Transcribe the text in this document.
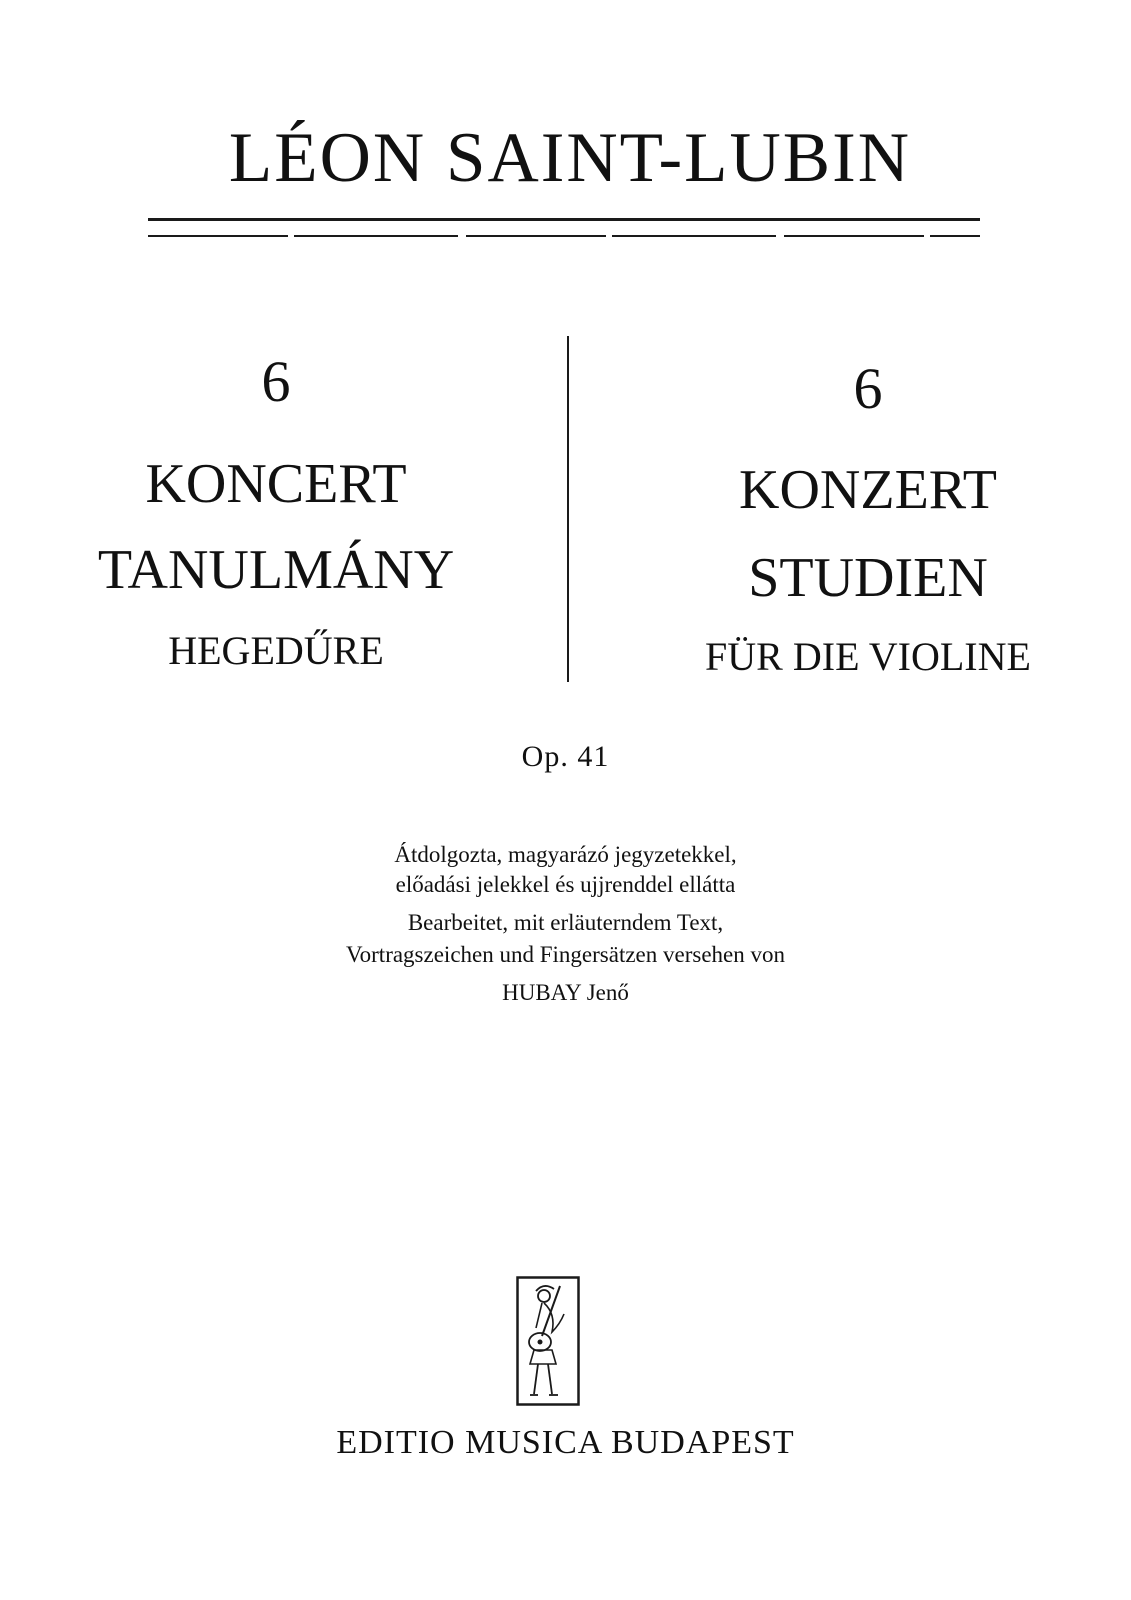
LÉON SAINT-LUBIN
6
KONCERT
TANULMÁNY
HEGEDŰRE
6
KONZERT
STUDIEN
FÜR DIE VIOLINE
Op. 41
Átdolgozta, magyarázó jegyzetekkel,
előadási jelekkel és ujjrenddel ellátta
Bearbeitet, mit erläuterndem Text,
Vortragszeichen und Fingersätzen versehen von
HUBAY Jenő
EDITIO MUSICA BUDAPEST
